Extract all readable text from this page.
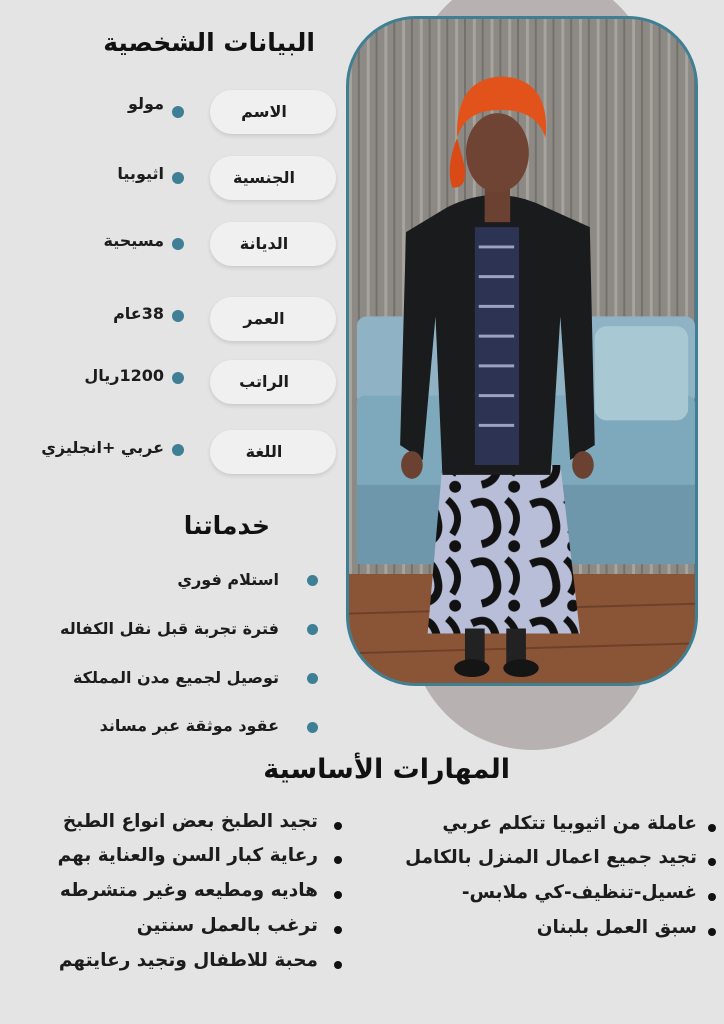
البيانات الشخصية
الاسم
مولو
الجنسية
اثيوبيا
الديانة
مسيحية
العمر
38عام
الراتب
1200ريال
اللغة
عربي +انجليزي
خدماتنا
استلام فوري
فترة تجربة قبل نقل الكفاله
توصيل لجميع مدن المملكة
عقود موثقة عبر مساند
المهارات الأساسية
عاملة من اثيوبيا تتكلم عربي
تجيد جميع اعمال المنزل بالكامل
غسيل-تنظيف-كي ملابس-
سبق العمل بلبنان
تجيد الطبخ بعض انواع الطبخ
رعاية كبار السن والعناية بهم
هاديه ومطيعه وغير متشرطه
ترغب بالعمل سنتين
محبة للاطفال وتجيد رعايتهم
